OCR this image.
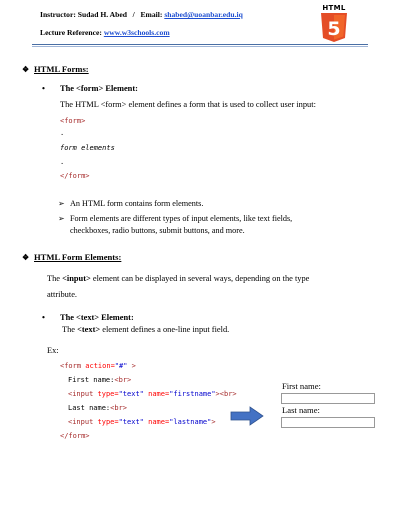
Instructor: Sudad H. Abed / Email: shabed@uoanbar.edu.iq
Lecture Reference: www.w3schools.com
HTML
5
❖ HTML Forms:
• The <form> Element:
The HTML <form> element defines a form that is used to collect user input:
<form>
.
form elements
.
</form>
➢ An HTML form contains form elements.
➢ Form elements are different types of input elements, like text fields,
checkboxes, radio buttons, submit buttons, and more.
❖ HTML Form Elements:
The <input> element can be displayed in several ways, depending on the type
attribute.
• The <text> Element:
The <text> element defines a one-line input field.
Ex:
<form action="#" >
First name:<br>
<input type="text" name="firstname"><br>
Last name:<br>
<input type="text" name="lastname">
</form>
First name:
Last name:
